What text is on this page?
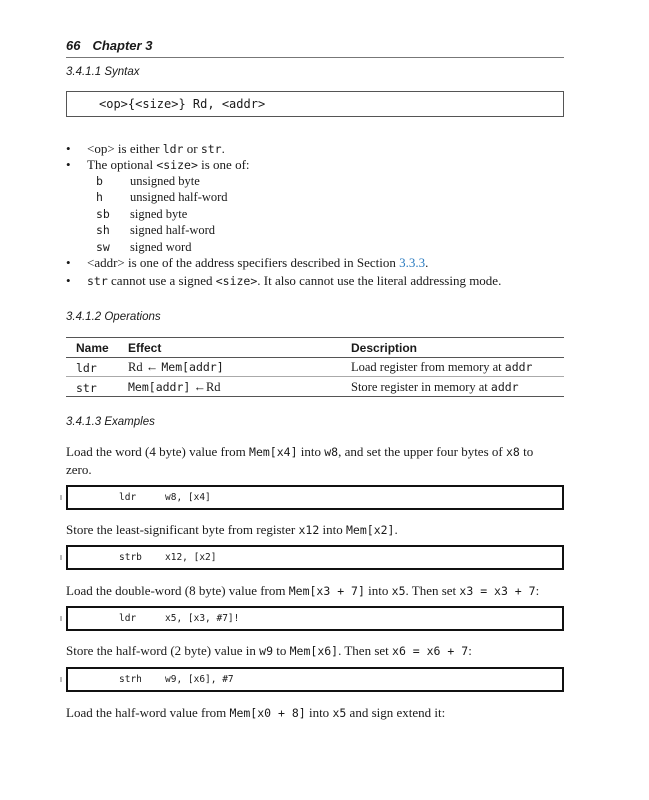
66 Chapter 3
3.4.1.1 Syntax
<op>{<size>} Rd, <addr>
• <op> is either ldr or str.
• The optional <size> is one of:
b unsigned byte
h unsigned half-word
sb signed byte
sh signed half-word
sw signed word
• <addr> is one of the address specifiers described in Section 3.3.3.
• str cannot use a signed <size>. It also cannot use the literal addressing mode.
3.4.1.2 Operations
Name Effect	Description
ldr Rd ← Mem[addr]	Load register from memory at addr
str	Mem[addr] ←Rd	Store register in memory at addr
3.4.1.3 Examples
Load the word (4 byte) value from Mem[x4] into w8, and set the upper four bytes of x8 to zero.
ldr	w8, [x4]
Store the least-significant byte from register x12 into Mem[x2].
strb x12, [x2]
Load the double-word (8 byte) value from Mem[x3 + 7] into x5. Then set x3 = x3 + 7:
ldr	x5, [x3, #7]!
Store the half-word (2 byte) value in w9 to Mem[x6]. Then set x6 = x6 + 7:
strh w9, [x6], #7
Load the half-word value from Mem[x0 + 8] into x5 and sign extend it:
